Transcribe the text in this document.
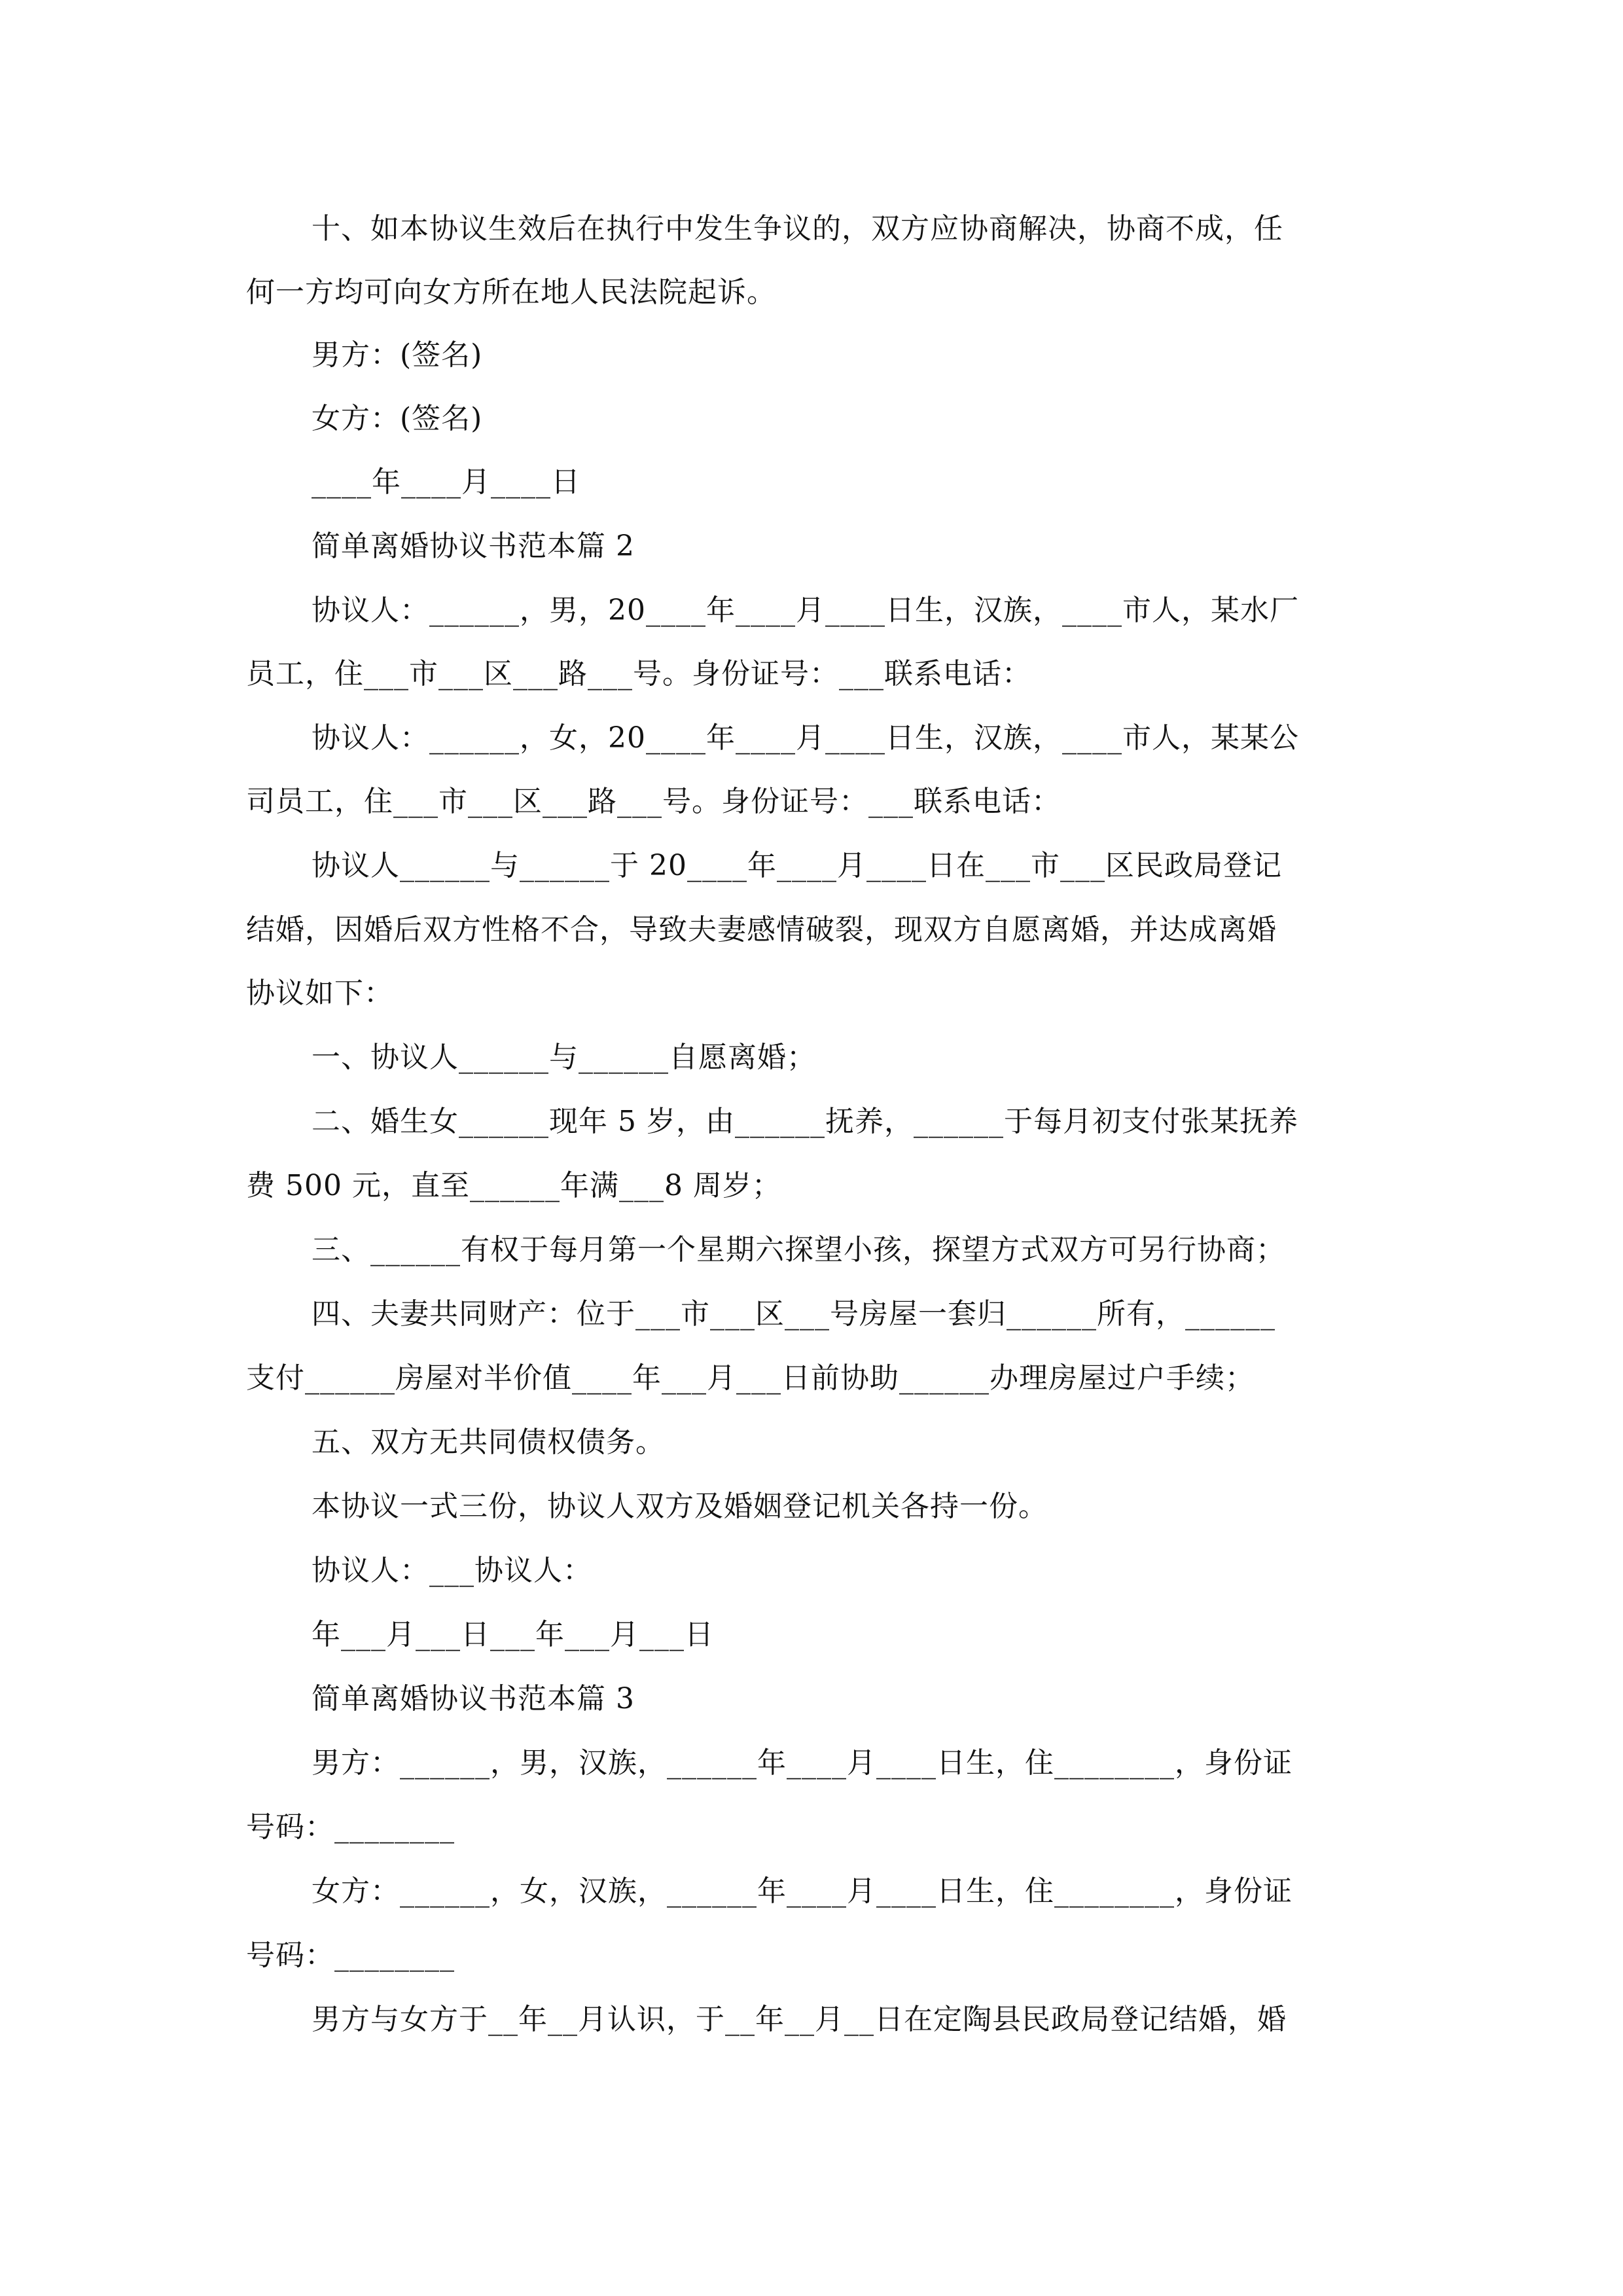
十、如本协议生效后在执行中发生争议的，双方应协商解决，协商不成，任
何一方均可向女方所在地人民法院起诉。
男方：(签名)
女方：(签名)
____年____月____日
简单离婚协议书范本篇 2
协议人：______，男，20____年____月____日生，汉族，____市人，某水厂
员工，住___市___区___路___号。身份证号：___联系电话：
协议人：______，女，20____年____月____日生，汉族，____市人，某某公
司员工，住___市___区___路___号。身份证号：___联系电话：
协议人______与______于 20____年____月____日在___市___区民政局登记
结婚，因婚后双方性格不合，导致夫妻感情破裂，现双方自愿离婚，并达成离婚
协议如下：
一、协议人______与______自愿离婚；
二、婚生女______现年 5 岁，由______抚养，______于每月初支付张某抚养
费 500 元，直至______年满___8 周岁；
三、______有权于每月第一个星期六探望小孩，探望方式双方可另行协商；
四、夫妻共同财产：位于___市___区___号房屋一套归______所有，______
支付______房屋对半价值____年___月___日前协助______办理房屋过户手续；
五、双方无共同债权债务。
本协议一式三份，协议人双方及婚姻登记机关各持一份。
协议人：___协议人：
年___月___日___年___月___日
简单离婚协议书范本篇 3
男方：______，男，汉族，______年____月____日生，住________，身份证
号码：________
女方：______，女，汉族，______年____月____日生，住________，身份证
号码：________
男方与女方于__年__月认识，于__年__月__日在定陶县民政局登记结婚，婚
